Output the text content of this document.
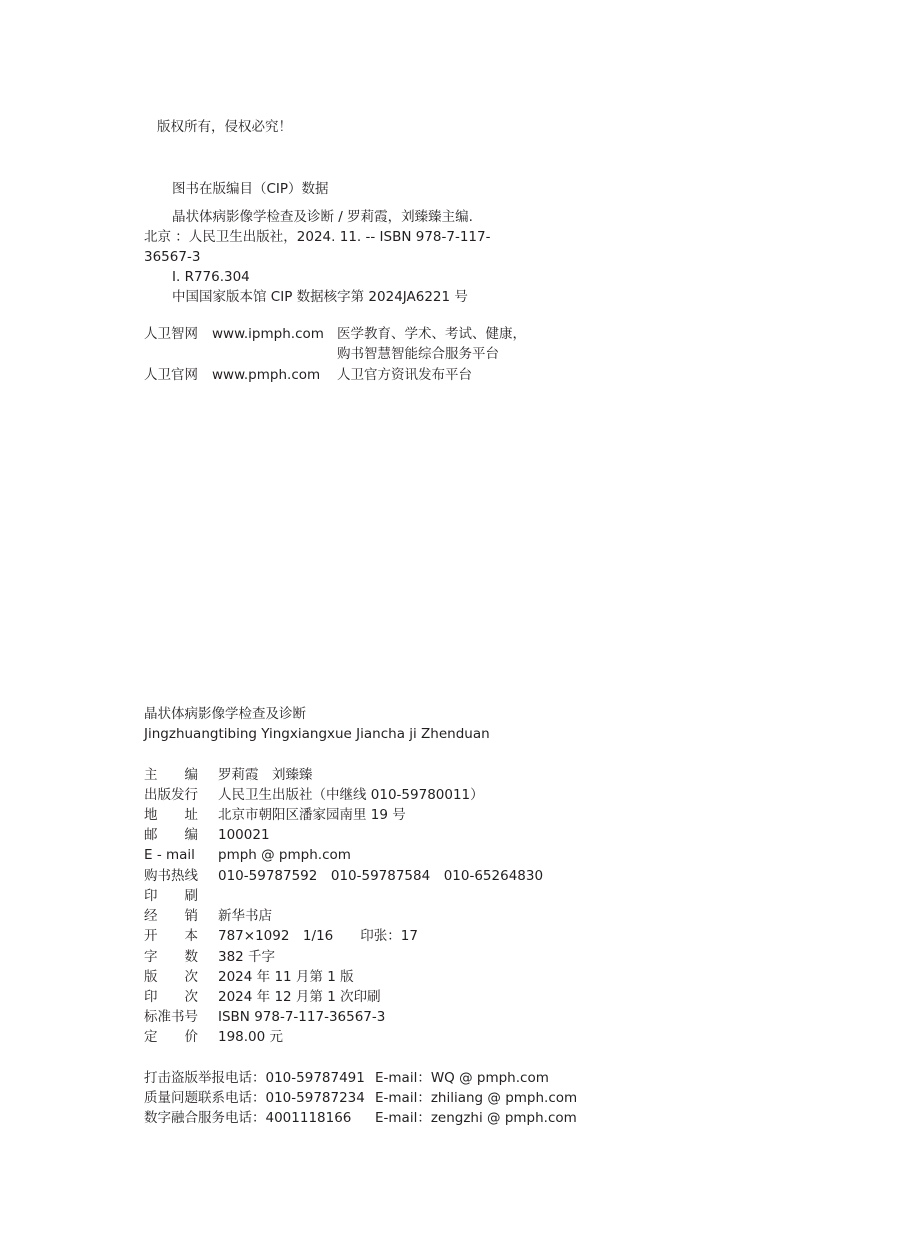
版权所有，侵权必究！
图书在版编目（CIP）数据
晶状体病影像学检查及诊断 / 罗莉霞，刘臻臻主编.
北京 ：人民卫生出版社，2024. 11. -- ISBN 978-7-117-
36567-3
Ⅰ. R776.304
中国国家版本馆 CIP 数据核字第 2024JA6221 号
人卫智网 www.ipmph.com 医学教育、学术、考试、健康，
购书智慧智能综合服务平台
人卫官网 www.pmph.com 人卫官方资讯发布平台
晶状体病影像学检查及诊断
Jingzhuangtibing Yingxiangxue Jiancha ji Zhenduan
主　　编 罗莉霞　刘臻臻
出版发行 人民卫生出版社（中继线 010-59780011）
地　　址 北京市朝阳区潘家园南里 19 号
邮　　编 100021
E - mail pmph @ pmph.com
购书热线 010-59787592　010-59787584　010-65264830
印　　刷
经　　销 新华书店
开　　本 787×1092　1/16　　印张：17
字　　数 382 千字
版　　次 2024 年 11 月第 1 版
印　　次 2024 年 12 月第 1 次印刷
标准书号 ISBN 978-7-117-36567-3
定　　价 198.00 元
打击盗版举报电话：010-59787491 E-mail：WQ @ pmph.com
质量问题联系电话：010-59787234 E-mail：zhiliang @ pmph.com
数字融合服务电话：4001118166 E-mail：zengzhi @ pmph.com
